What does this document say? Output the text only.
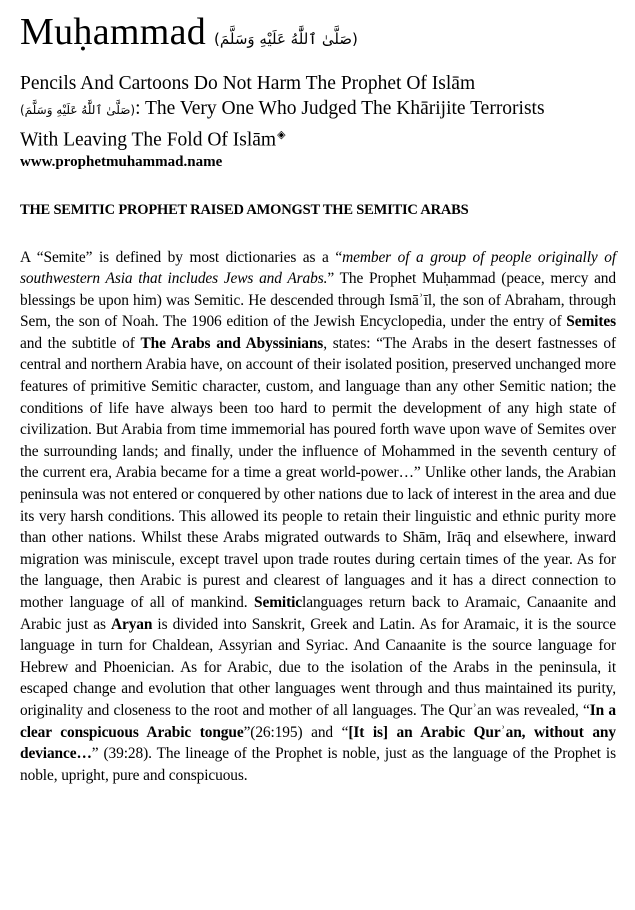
Muḥammad (صَلَّىٰ ٱللَّٰهُ عَلَيْهِ وَسَلَّمَ)
Pencils And Cartoons Do Not Harm The Prophet Of Islām
(صَلَّىٰ ٱللَّٰهُ عَلَيْهِ وَسَلَّمَ): The Very One Who Judged The Khārijite Terrorists
With Leaving The Fold Of Islām◈
www.prophetmuhammad.name
THE SEMITIC PROPHET RAISED AMONGST THE SEMITIC ARABS
A “Semite” is defined by most dictionaries as a “member of a group of people originally of southwestern Asia that includes Jews and Arabs.” The Prophet Muḥammad (peace, mercy and blessings be upon him) was Semitic. He descended through Ismāʾīl, the son of Abraham, through Sem, the son of Noah. The 1906 edition of the Jewish Encyclopedia, under the entry of Semites and the subtitle of The Arabs and Abyssinians, states: “The Arabs in the desert fastnesses of central and northern Arabia have, on account of their isolated position, preserved unchanged more features of primitive Semitic character, custom, and language than any other Semitic nation; the conditions of life have always been too hard to permit the development of any high state of civilization. But Arabia from time immemorial has poured forth wave upon wave of Semites over the surrounding lands; and finally, under the influence of Mohammed in the seventh century of the current era, Arabia became for a time a great world-power…” Unlike other lands, the Arabian peninsula was not entered or conquered by other nations due to lack of interest in the area and due its very harsh conditions. This allowed its people to retain their linguistic and ethnic purity more than other nations. Whilst these Arabs migrated outwards to Shām, Irāq and elsewhere, inward migration was miniscule, except travel upon trade routes during certain times of the year. As for the language, then Arabic is purest and clearest of languages and it has a direct connection to mother language of all of mankind. Semiticlanguages return back to Aramaic, Canaanite and Arabic just as Aryan is divided into Sanskrit, Greek and Latin. As for Aramaic, it is the source language in turn for Chaldean, Assyrian and Syriac. And Canaanite is the source language for Hebrew and Phoenician. As for Arabic, due to the isolation of the Arabs in the peninsula, it escaped change and evolution that other languages went through and thus maintained its purity, originality and closeness to the root and mother of all languages. The Qurʾan was revealed, “In a clear conspicuous Arabic tongue”(26:195) and “[It is] an Arabic Qurʾan, without any deviance…” (39:28). The lineage of the Prophet is noble, just as the language of the Prophet is noble, upright, pure and conspicuous.
